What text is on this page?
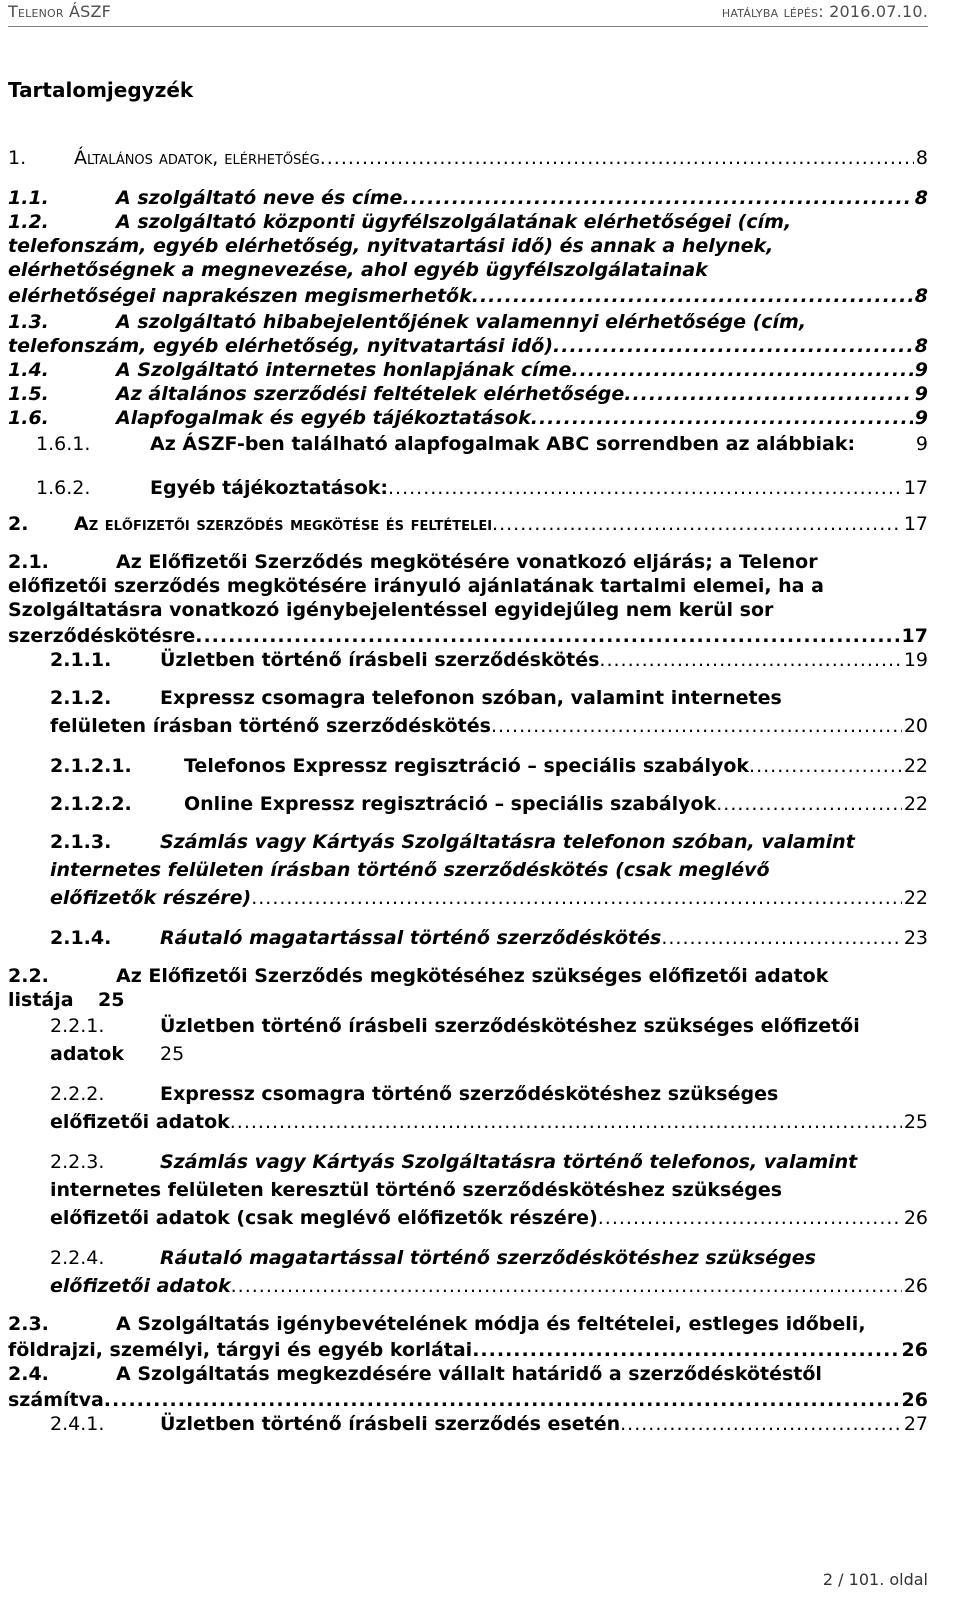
Telenor ÁSZF	hatályba lépés: 2016.07.10.
Tartalomjegyzék
1.	Általános adatok, elérhetőség .....	8
1.1.	A szolgáltató neve és címe .....	8
1.2.	A szolgáltató központi ügyfélszolgálatának elérhetőségei (cím,
telefonszám, egyéb elérhetőség, nyitvatartási idő) és annak a helynek,
elérhetőségnek a megnevezése, ahol egyéb ügyfélszolgálatainak
elérhetőségei naprakészen megismerhetők .....	8
1.3.	A szolgáltató hibabejelentőjének valamennyi elérhetősége (cím,
telefonszám, egyéb elérhetőség, nyitvatartási idő) .....	8
1.4.	A Szolgáltató internetes honlapjának címe .....	9
1.5.	Az általános szerződési feltételek elérhetősége .....	9
1.6.	Alapfogalmak és egyéb tájékoztatások .....	9
1.6.1.	Az ÁSZF-ben található alapfogalmak ABC sorrendben az alábbiak:	9
1.6.2.	Egyéb tájékoztatások: .....	17
2. Az előfizetői szerződés megkötése és feltételei .....	17
2.1.	Az Előfizetői Szerződés megkötésére vonatkozó eljárás; a Telenor
előfizetői szerződés megkötésére irányuló ajánlatának tartalmi elemei, ha a
Szolgáltatásra vonatkozó igénybejelentéssel egyidejűleg nem kerül sor
szerződéskötésre .....	17
2.1.1.	Üzletben történő írásbeli szerződéskötés .....	19
2.1.2.	Expressz csomagra telefonon szóban, valamint internetes
felületen írásban történő szerződéskötés .....	20
2.1.2.1.	Telefonos Expressz regisztráció – speciális szabályok .....	22
2.1.2.2.	Online Expressz regisztráció – speciális szabályok .....	22
2.1.3.	Számlás vagy Kártyás Szolgáltatásra telefonon szóban, valamint
internetes felületen írásban történő szerződéskötés (csak meglévő
előfizetők részére) .....	22
2.1.4.	Ráutaló magatartással történő szerződéskötés .....	23
2.2.	Az Előfizetői Szerződés megkötéséhez szükséges előfizetői adatok
listája 25
2.2.1.	Üzletben történő írásbeli szerződéskötéshez szükséges előfizetői
adatok 25
2.2.2.	Expressz csomagra történő szerződéskötéshez szükséges
előfizetői adatok .....	25
2.2.3.	Számlás vagy Kártyás Szolgáltatásra történő telefonos, valamint
internetes felületen keresztül történő szerződéskötéshez szükséges
előfizetői adatok (csak meglévő előfizetők részére) .....	26
2.2.4.	Ráutaló magatartással történő szerződéskötéshez szükséges
előfizetői adatok .....	26
2.3.	A Szolgáltatás igénybevételének módja és feltételei, estleges időbeli,
földrajzi, személyi, tárgyi és egyéb korlátai .....	26
2.4.	A Szolgáltatás megkezdésére vállalt határidő a szerződéskötéstől
számítva .....	26
2.4.1.	Üzletben történő írásbeli szerződés esetén .....	27
2 / 101. oldal
